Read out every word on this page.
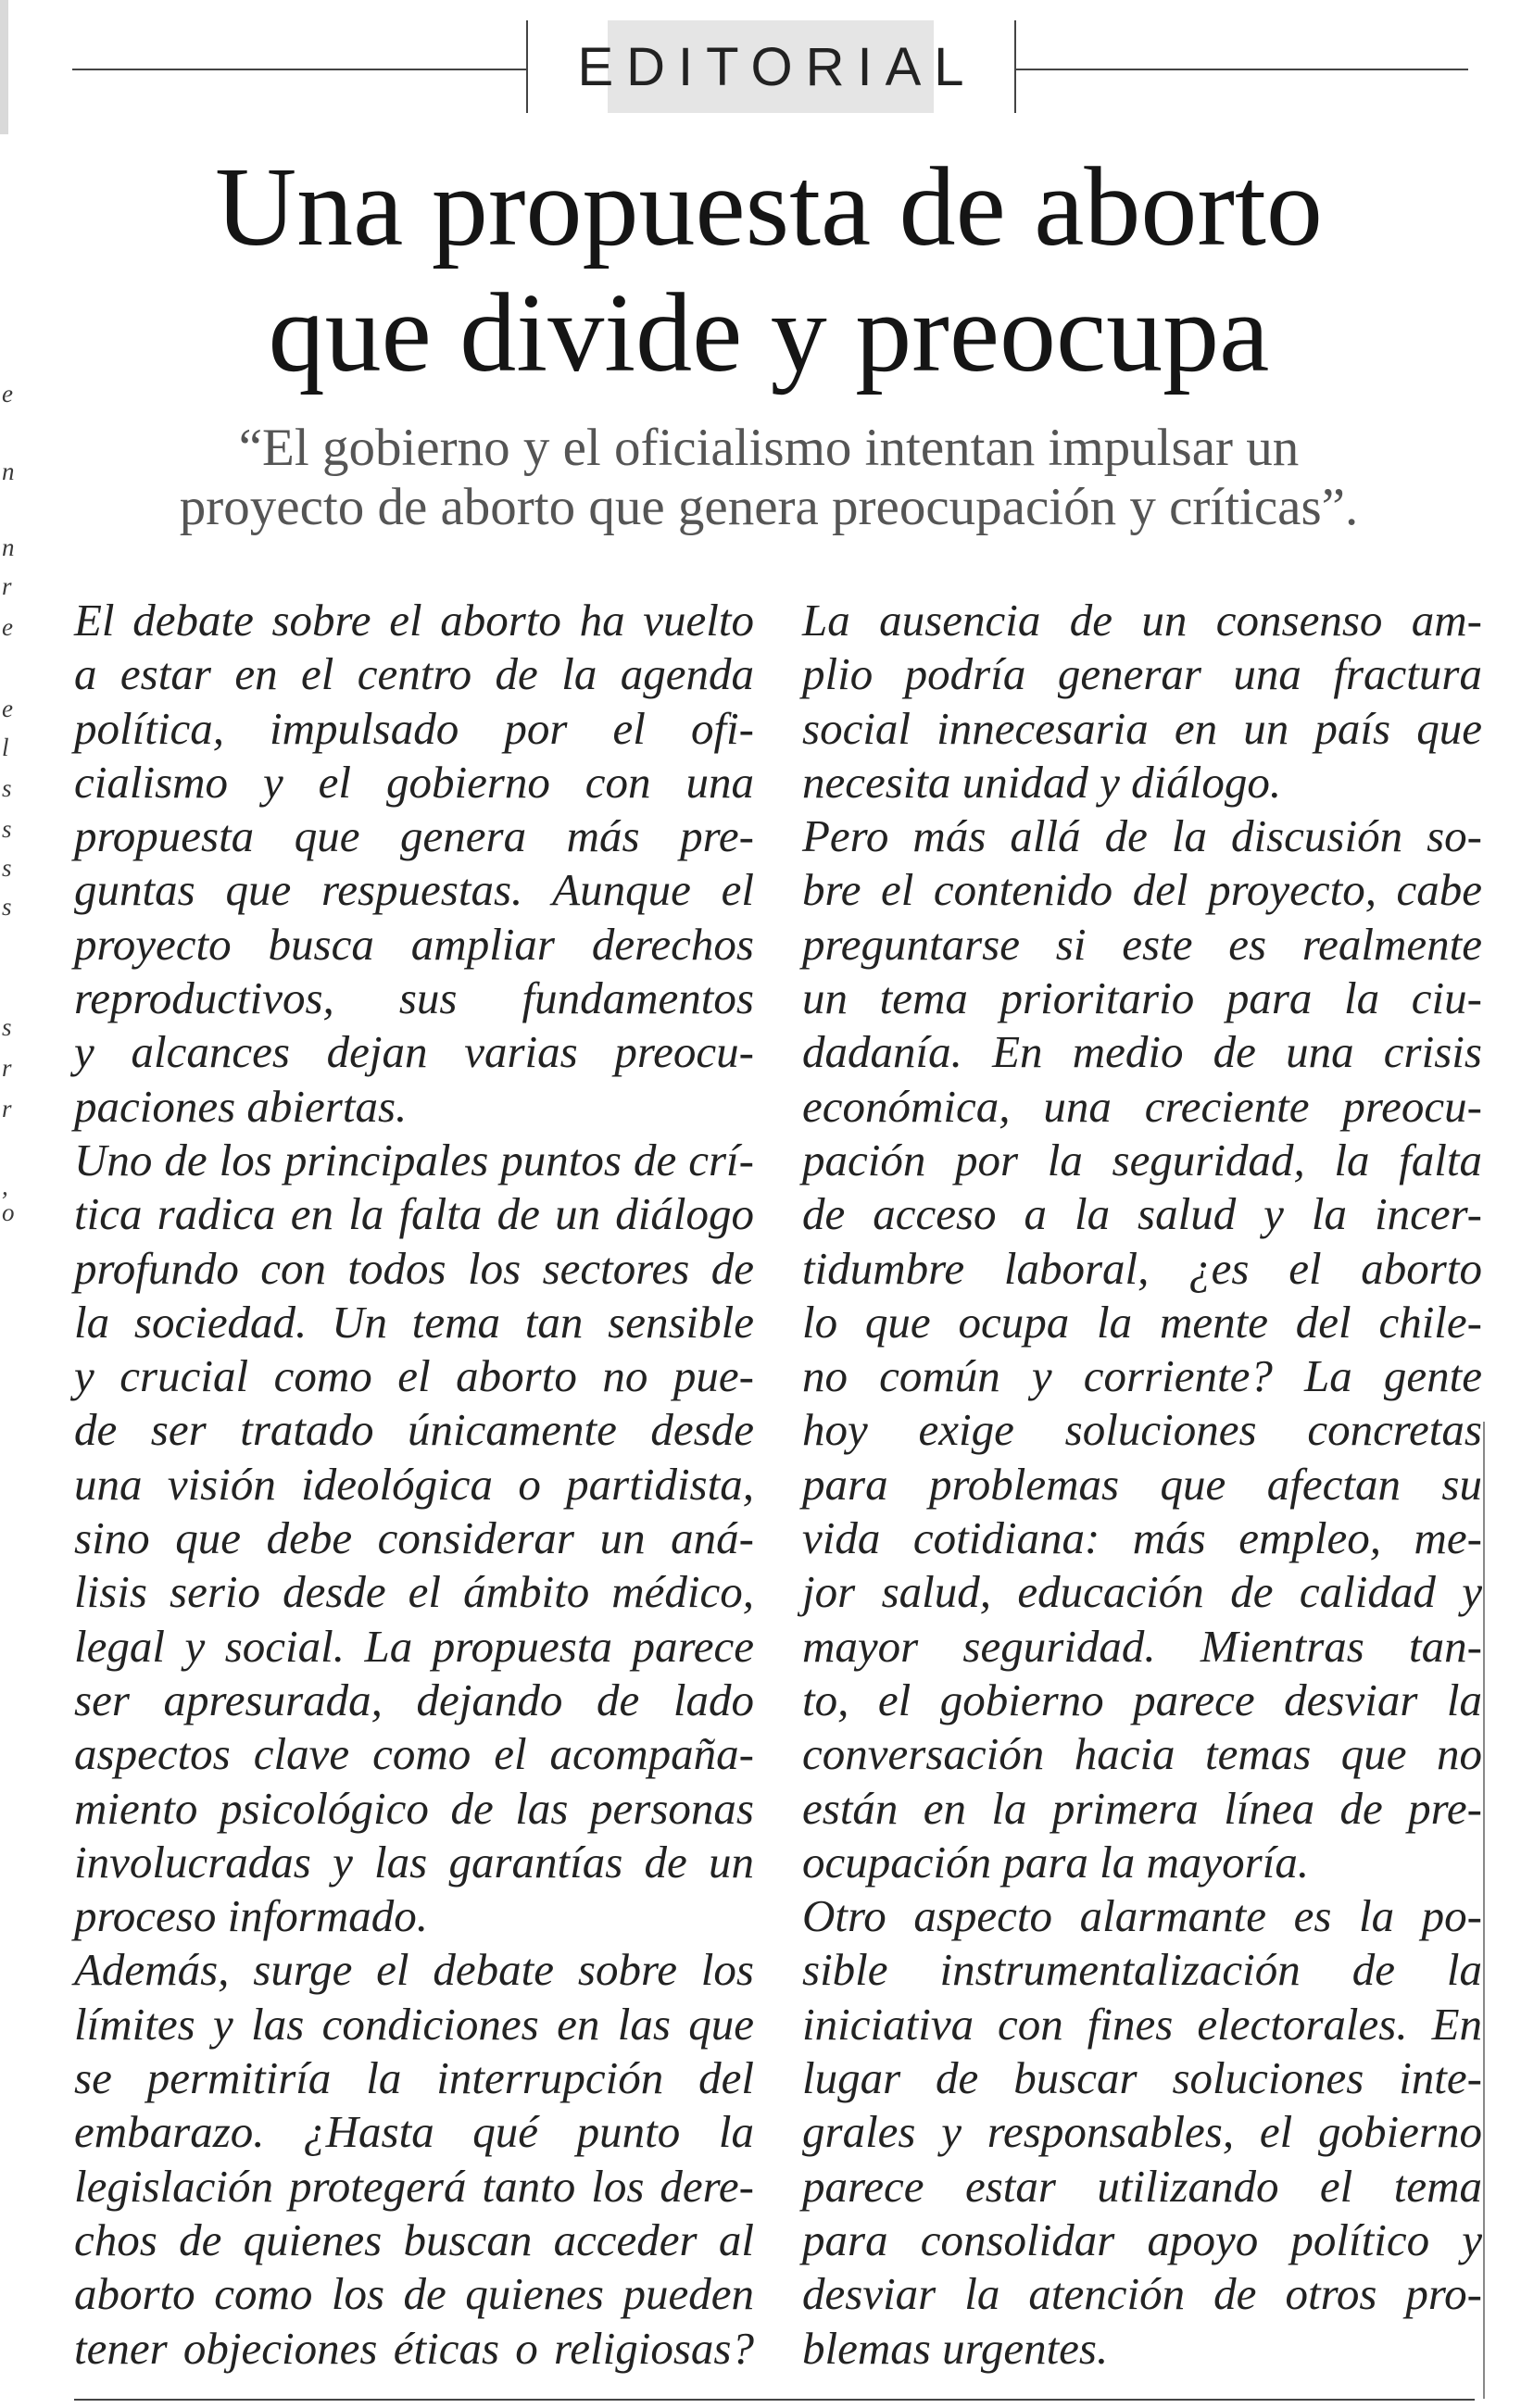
e
n
n
r
e
e
l
s
s
s
s
s
r
r
,
o
EDITORIAL
Una propuesta de aborto
que divide y preocupa

“El gobierno y el oficialismo intentan impulsar un
proyecto de aborto que genera preocupación y críticas”.

El debate sobre el aborto ha vuelto
a estar en el centro de la agenda
política, impulsado por el ofi-
cialismo y el gobierno con una
propuesta que genera más pre-
guntas que respuestas. Aunque el
proyecto busca ampliar derechos
reproductivos, sus fundamentos
y alcances dejan varias preocu-
paciones abiertas.
Uno de los principales puntos de crí-
tica radica en la falta de un diálogo
profundo con todos los sectores de
la sociedad. Un tema tan sensible
y crucial como el aborto no pue-
de ser tratado únicamente desde
una visión ideológica o partidista,
sino que debe considerar un aná-
lisis serio desde el ámbito médico,
legal y social. La propuesta parece
ser apresurada, dejando de lado
aspectos clave como el acompaña-
miento psicológico de las personas
involucradas y las garantías de un
proceso informado.
Además, surge el debate sobre los
límites y las condiciones en las que
se permitiría la interrupción del
embarazo. ¿Hasta qué punto la
legislación protegerá tanto los dere-
chos de quienes buscan acceder al
aborto como los de quienes pueden
tener objeciones éticas o religiosas?
La ausencia de un consenso am-
plio podría generar una fractura
social innecesaria en un país que
necesita unidad y diálogo.
Pero más allá de la discusión so-
bre el contenido del proyecto, cabe
preguntarse si este es realmente
un tema prioritario para la ciu-
dadanía. En medio de una crisis
económica, una creciente preocu-
pación por la seguridad, la falta
de acceso a la salud y la incer-
tidumbre laboral, ¿es el aborto
lo que ocupa la mente del chile-
no común y corriente? La gente
hoy exige soluciones concretas
para problemas que afectan su
vida cotidiana: más empleo, me-
jor salud, educación de calidad y
mayor seguridad. Mientras tan-
to, el gobierno parece desviar la
conversación hacia temas que no
están en la primera línea de pre-
ocupación para la mayoría.
Otro aspecto alarmante es la po-
sible instrumentalización de la
iniciativa con fines electorales. En
lugar de buscar soluciones inte-
grales y responsables, el gobierno
parece estar utilizando el tema
para consolidar apoyo político y
desviar la atención de otros pro-
blemas urgentes.
